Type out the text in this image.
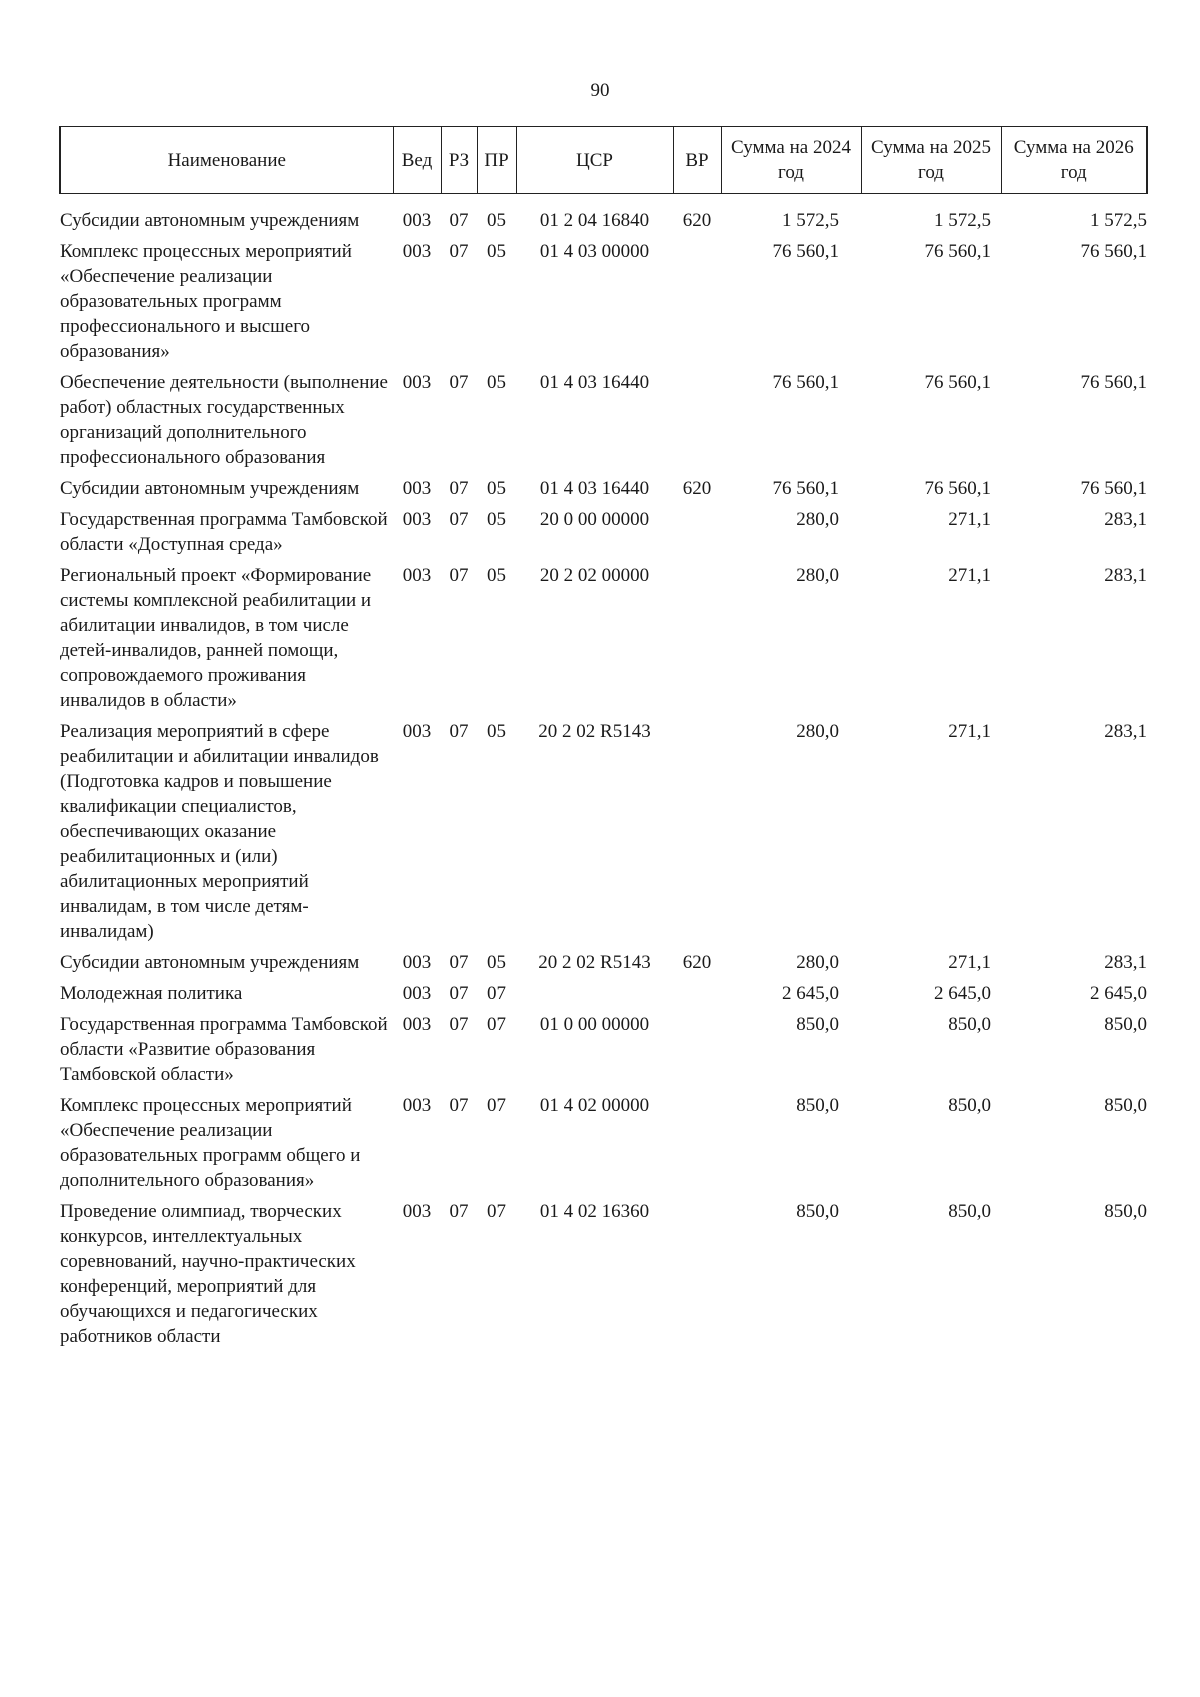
90
Наименование	Вед	РЗ	ПР	ЦСР	ВР	Сумма на 2024 год	Сумма на 2025 год	Сумма на 2026 год
Субсидии автономным учреждениям	003	07	05	01 2 04 16840	620	1 572,5	1 572,5	1 572,5
Комплекс процессных мероприятий «Обеспечение реализации образовательных программ профессионального и высшего образования»	003	07	05	01 4 03 00000		76 560,1	76 560,1	76 560,1
Обеспечение деятельности (выполнение работ) областных государственных организаций дополнительного профессионального образования	003	07	05	01 4 03 16440		76 560,1	76 560,1	76 560,1
Субсидии автономным учреждениям	003	07	05	01 4 03 16440	620	76 560,1	76 560,1	76 560,1
Государственная программа Тамбовской области «Доступная среда»	003	07	05	20 0 00 00000		280,0	271,1	283,1
Региональный проект «Формирование системы комплексной реабилитации и абилитации инвалидов, в том числе детей-инвалидов, ранней помощи, сопровождаемого проживания инвалидов в области»	003	07	05	20 2 02 00000		280,0	271,1	283,1
Реализация мероприятий в сфере реабилитации и абилитации инвалидов (Подготовка кадров и повышение квалификации специалистов, обеспечивающих оказание реабилитационных и (или) абилитационных мероприятий инвалидам, в том числе детям-инвалидам)	003	07	05	20 2 02 R5143		280,0	271,1	283,1
Субсидии автономным учреждениям	003	07	05	20 2 02 R5143	620	280,0	271,1	283,1
Молодежная политика	003	07	07			2 645,0	2 645,0	2 645,0
Государственная программа Тамбовской области «Развитие образования Тамбовской области»	003	07	07	01 0 00 00000		850,0	850,0	850,0
Комплекс процессных мероприятий «Обеспечение реализации образовательных программ общего и дополнительного образования»	003	07	07	01 4 02 00000		850,0	850,0	850,0
Проведение олимпиад, творческих конкурсов, интеллектуальных соревнований, научно-практических конференций, мероприятий для обучающихся и педагогических работников области	003	07	07	01 4 02 16360		850,0	850,0	850,0
